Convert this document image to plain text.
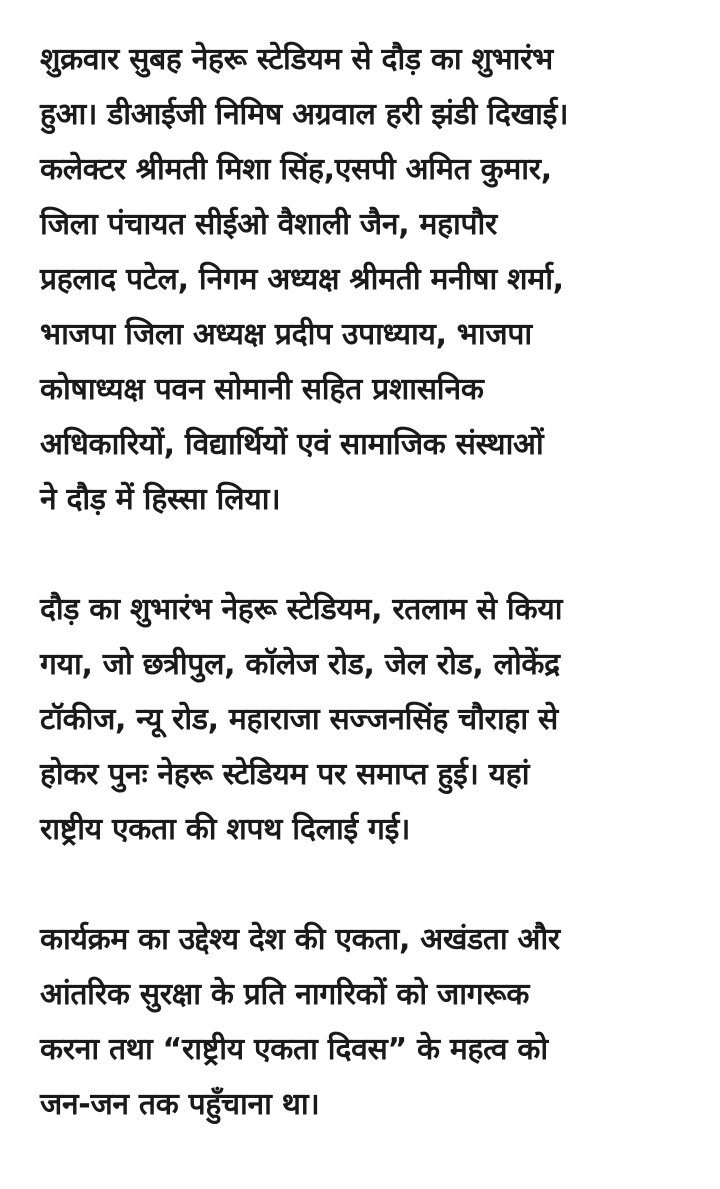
शुक्रवार सुबह नेहरू स्टेडियम से दौड़ का शुभारंभ
हुआ। डीआईजी निमिष अग्रवाल हरी झंडी दिखाई।
कलेक्टर श्रीमती मिशा सिंह,एसपी अमित कुमार,
जिला पंचायत सीईओ वैशाली जैन, महापौर
प्रहलाद पटेल, निगम अध्यक्ष श्रीमती मनीषा शर्मा,
भाजपा जिला अध्यक्ष प्रदीप उपाध्याय, भाजपा
कोषाध्यक्ष पवन सोमानी सहित प्रशासनिक
अधिकारियों, विद्यार्थियों एवं सामाजिक संस्थाओं
ने दौड़ में हिस्सा लिया।

दौड़ का शुभारंभ नेहरू स्टेडियम, रतलाम से किया
गया, जो छत्रीपुल, कॉलेज रोड, जेल रोड, लोकेंद्र
टॉकीज, न्यू रोड, महाराजा सज्जनसिंह चौराहा से
होकर पुनः नेहरू स्टेडियम पर समाप्त हुई। यहां
राष्ट्रीय एकता की शपथ दिलाई गई।

कार्यक्रम का उद्देश्य देश की एकता, अखंडता और
आंतरिक सुरक्षा के प्रति नागरिकों को जागरूक
करना तथा “राष्ट्रीय एकता दिवस” के महत्व को
जन-जन तक पहुँचाना था।
